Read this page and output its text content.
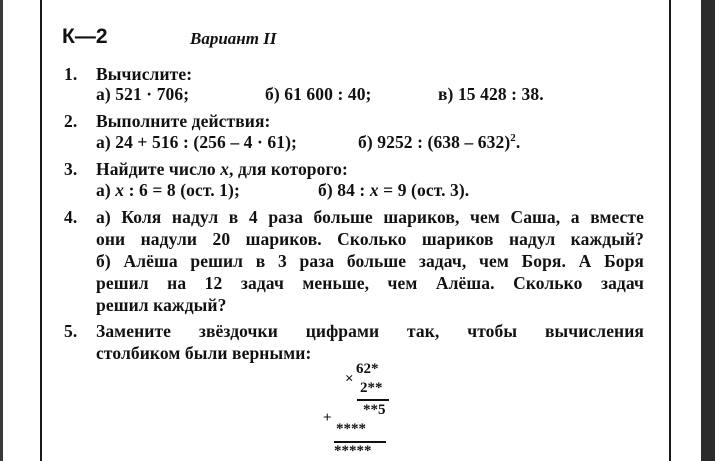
К—2	Вариант II
1. Вычислите:
а) 521 · 706;	б) 61 600 : 40;	в) 15 428 : 38.
2. Выполните действия:
а) 24 + 516 : (256 – 4 · 61);	б) 9252 : (638 – 632)$^2$.
3. Найдите число x, для которого:
а) x : 6 = 8 (ост. 1);	б) 84 : x = 9 (ост. 3).
4. а) Коля надул в 4 раза больше шариков, чем Саша, а вместе
они надули 20 шариков. Сколько шариков надул каждый?
б) Алёша решил в 3 раза больше задач, чем Боря. А Боря
решил на 12 задач меньше, чем Алёша. Сколько задач
решил каждый?
5. Замените звёздочки цифрами так, чтобы вычисления
столбиком были верными:
×
62*
2**
**5
+
****
*****
